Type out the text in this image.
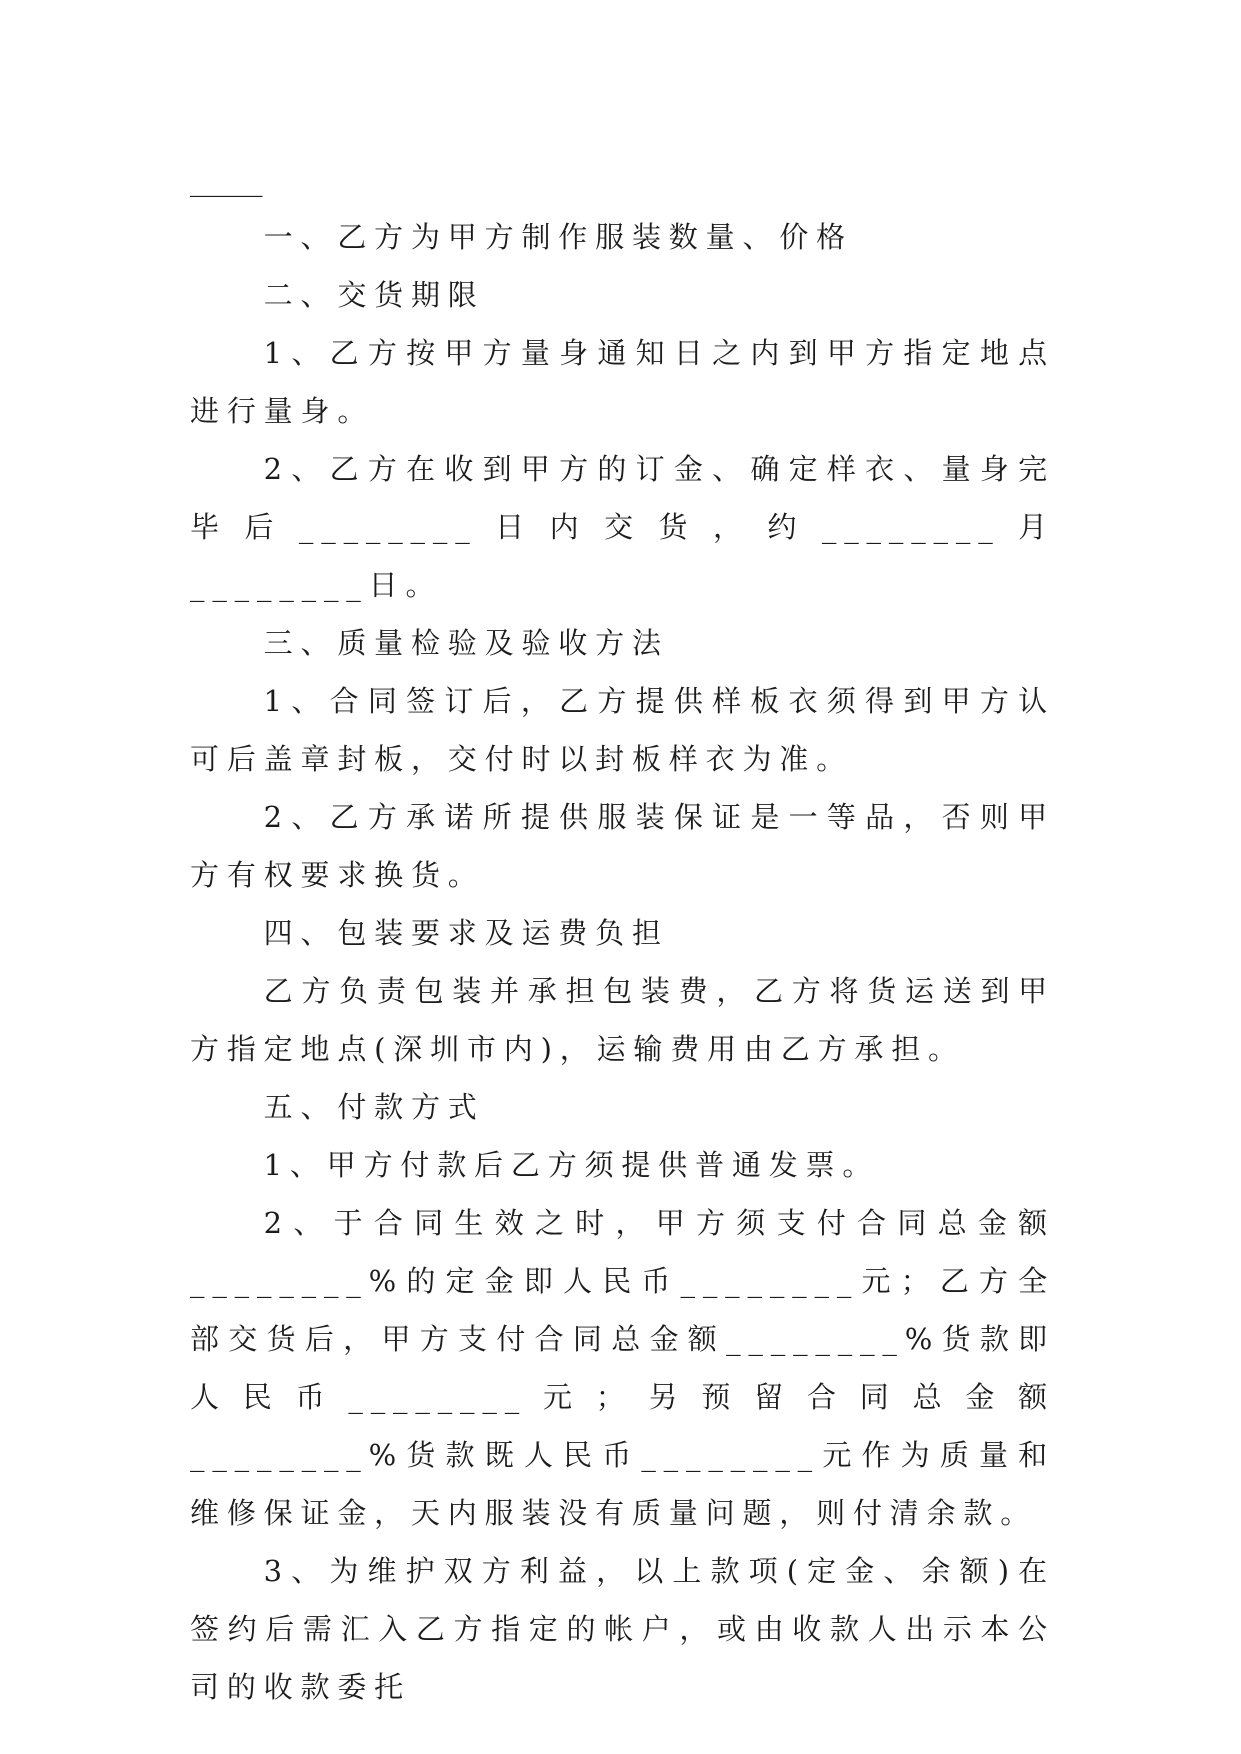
_____

一、乙方为甲方制作服装数量、价格

二、交货期限

1、乙方按甲方量身通知日之内到甲方指定地点进行量身。

2、乙方在收到甲方的订金、确定样衣、量身完毕后________日内交货，约________月________日。

三、质量检验及验收方法

1、合同签订后，乙方提供样板衣须得到甲方认可后盖章封板，交付时以封板样衣为准。

2、乙方承诺所提供服装保证是一等品，否则甲方有权要求换货。

四、包装要求及运费负担

乙方负责包装并承担包装费，乙方将货运送到甲方指定地点(深圳市内)，运输费用由乙方承担。

五、付款方式

1、甲方付款后乙方须提供普通发票。

2、于合同生效之时，甲方须支付合同总金额________%的定金即人民币________元；乙方全部交货后，甲方支付合同总金额________%货款即人民币________元；另预留合同总金额________%货款既人民币________元作为质量和维修保证金，天内服装没有质量问题，则付清余款。

3、为维护双方利益，以上款项(定金、余额)在签约后需汇入乙方指定的帐户，或由收款人出示本公司的收款委托
